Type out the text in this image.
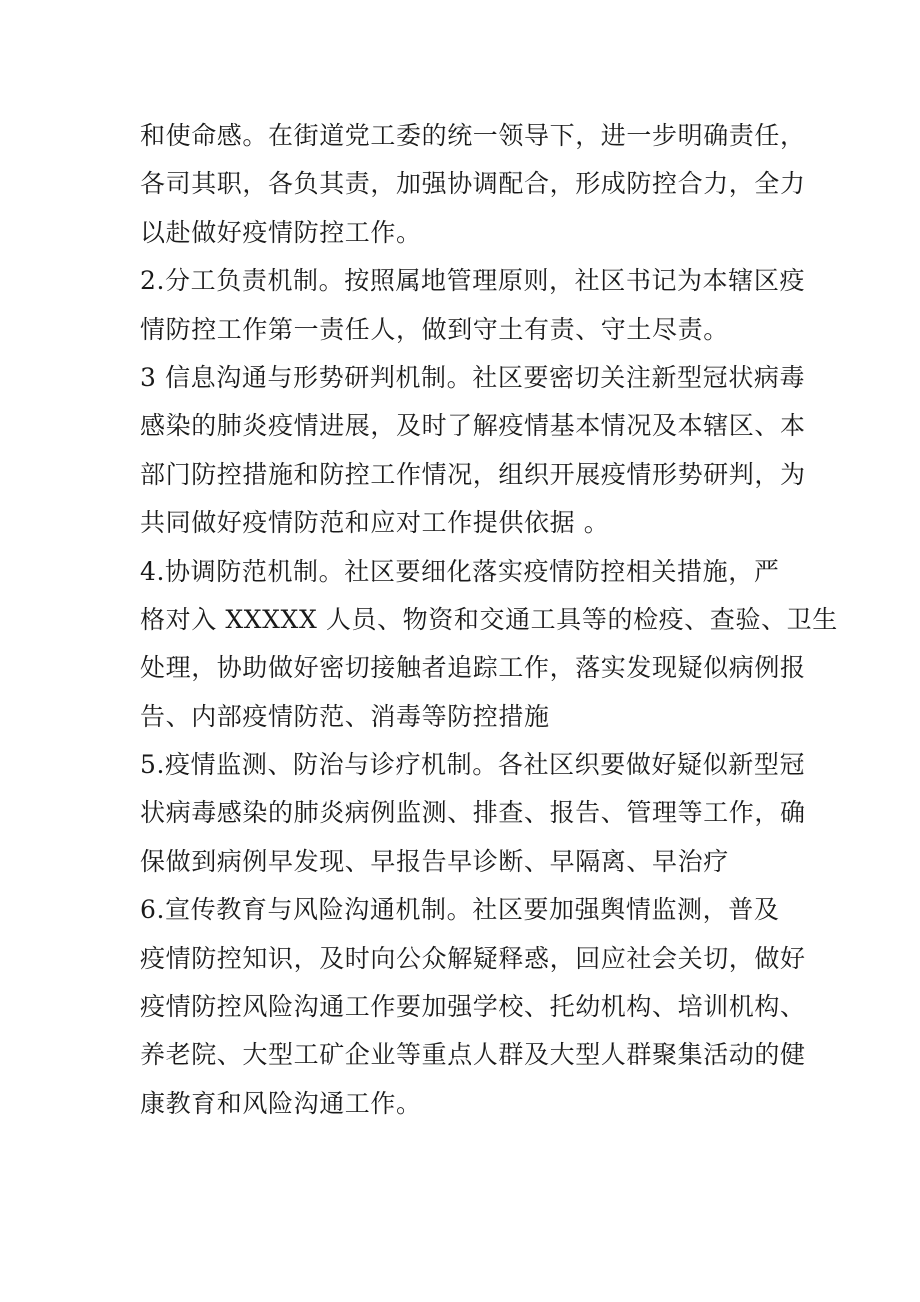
和使命感。在街道党工委的统一领导下，进一步明确责任，
各司其职，各负其责，加强协调配合，形成防控合力，全力
以赴做好疫情防控工作。

2.分工负责机制。按照属地管理原则，社区书记为本辖区疫
情防控工作第一责任人，做到守土有责、守土尽责。

3 信息沟通与形势研判机制。社区要密切关注新型冠状病毒
感染的肺炎疫情进展，及时了解疫情基本情况及本辖区、本
部门防控措施和防控工作情况，组织开展疫情形势研判，为
共同做好疫情防范和应对工作提供依据 。

4.协调防范机制。社区要细化落实疫情防控相关措施，严
格对入 XXXXX 人员、物资和交通工具等的检疫、查验、卫生
处理，协助做好密切接触者追踪工作，落实发现疑似病例报
告、内部疫情防范、消毒等防控措施

5.疫情监测、防治与诊疗机制。各社区织要做好疑似新型冠
状病毒感染的肺炎病例监测、排查、报告、管理等工作，确
保做到病例早发现、早报告早诊断、早隔离、早治疗

6.宣传教育与风险沟通机制。社区要加强舆情监测，普及
疫情防控知识，及时向公众解疑释惑，回应社会关切，做好
疫情防控风险沟通工作要加强学校、托幼机构、培训机构、
养老院、大型工矿企业等重点人群及大型人群聚集活动的健
康教育和风险沟通工作。
